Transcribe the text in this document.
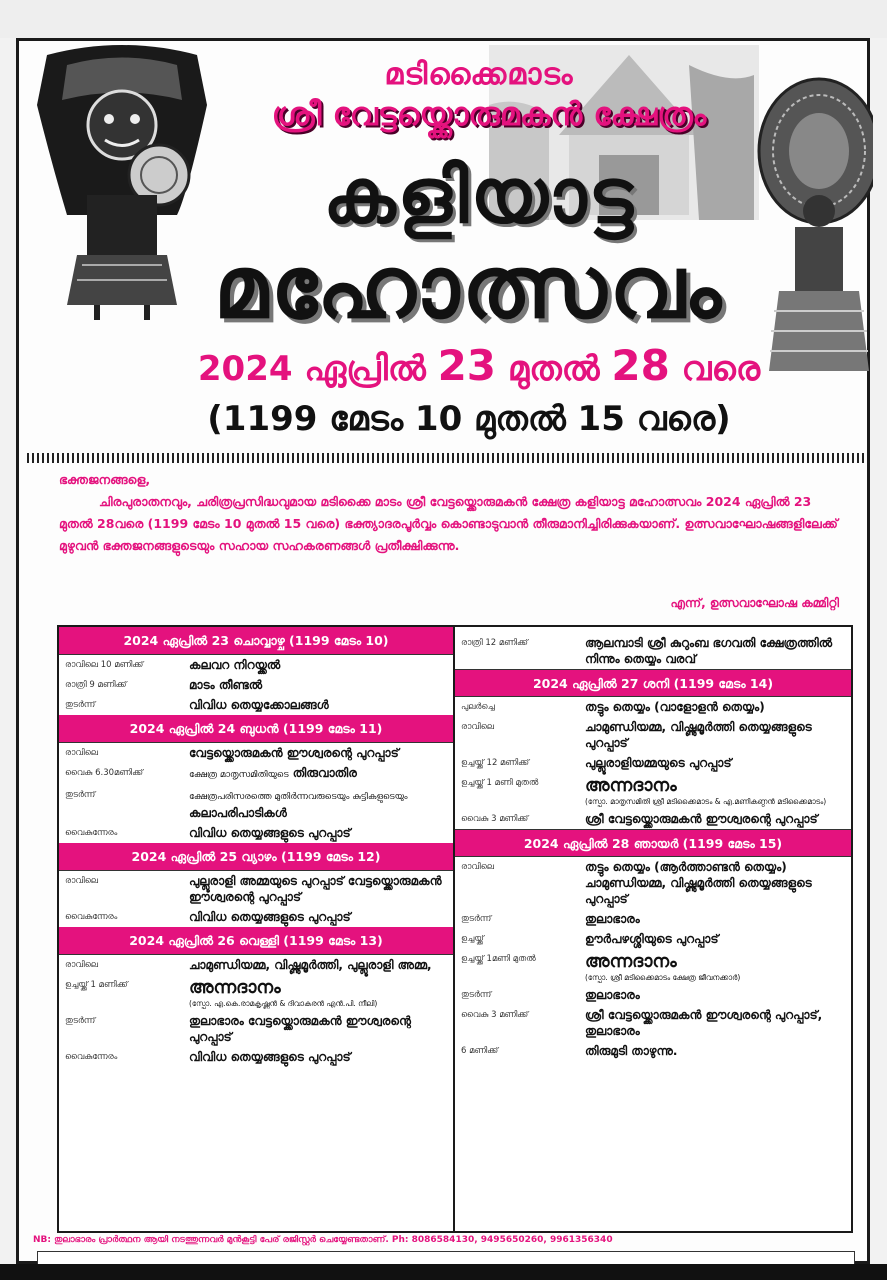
മടിക്കൈമാടം
ശ്രീ വേട്ടയ്ക്കൊരുമകൻ ക്ഷേത്രം
കളിയാട്ട
മഹോത്സവം
2024 ഏപ്രിൽ 23 മുതൽ 28 വരെ
(1199 മേടം 10 മുതൽ 15 വരെ)
ഭക്തജനങ്ങളെ,
ചിരപുരാതനവും, ചരിത്രപ്രസിദ്ധവുമായ മടിക്കൈ മാടം ശ്രീ വേട്ടയ്ക്കൊരുമകൻ ക്ഷേത്ര കളിയാട്ട മഹോത്സവം 2024 ഏപ്രിൽ 23 മുതൽ 28വരെ (1199 മേടം 10 മുതൽ 15 വരെ) ഭക്ത്യാദരപൂർവ്വം കൊണ്ടാടുവാൻ തീരുമാനിച്ചിരിക്കുകയാണ്. ഉത്സവാഘോഷങ്ങളിലേക്ക് മുഴുവൻ ഭക്തജനങ്ങളുടെയും സഹായ സഹകരണങ്ങൾ പ്രതീക്ഷിക്കുന്നു.
എന്ന്, ഉത്സവാഘോഷ കമ്മിറ്റി
2024 ഏപ്രിൽ 23 ചൊവ്വാഴ്ച (1199 മേടം 10)
രാവിലെ 10 മണിക്ക്	കലവറ നിറയ്ക്കൽ
രാത്രി 9 മണിക്ക്	മാടം തീണ്ടൽ
തുടർന്ന്	വിവിധ തെയ്യക്കോലങ്ങൾ
2024 ഏപ്രിൽ 24 ബുധൻ (1199 മേടം 11)
രാവിലെ	വേട്ടയ്ക്കൊരുമകൻ ഈശ്വരന്റെ പുറപ്പാട്
വൈകു 6.30മണിക്ക്	ക്ഷേത്ര മാതൃസമിതിയുടെ തിരുവാതിര
തുടർന്ന്	ക്ഷേത്രപരിസരത്തെ മുതിർന്നവരുടെയും കുട്ടികളുടെയും കലാപരിപാടികൾ
വൈകുന്നേരം	വിവിധ തെയ്യങ്ങളുടെ പുറപ്പാട്
2024 ഏപ്രിൽ 25 വ്യാഴം (1199 മേടം 12)
രാവിലെ	പുല്ലൂരാളി അമ്മയുടെ പുറപ്പാട് വേട്ടയ്ക്കൊരുമകൻ ഈശ്വരന്റെ പുറപ്പാട്
വൈകുന്നേരം	വിവിധ തെയ്യങ്ങളുടെ പുറപ്പാട്
2024 ഏപ്രിൽ 26 വെള്ളി (1199 മേടം 13)
രാവിലെ	ചാമുണ്ഡിയമ്മ, വിഷ്ണുമൂർത്തി, പുല്ലൂരാളി അമ്മ,
ഉച്ചയ്ക്ക് 1 മണിക്ക്	അന്നദാനം
(സ്പോ. എ.കെ.രാമകൃഷ്ണൻ & ദിവാകരൻ എൻ.പി. നീലി)
തുടർന്ന്	തുലാഭാരം വേട്ടയ്ക്കൊരുമകൻ ഈശ്വരന്റെ പുറപ്പാട്
വൈകുന്നേരം	വിവിധ തെയ്യങ്ങളുടെ പുറപ്പാട്
രാത്രി 12 മണിക്ക്	ആലമ്പാടി ശ്രീ കുറുംബ ഭഗവതി ക്ഷേത്രത്തിൽ നിന്നും തെയ്യം വരവ്
2024 ഏപ്രിൽ 27 ശനി (1199 മേടം 14)
പുലർച്ചെ	തട്ടും തെയ്യം (വാളോളൻ തെയ്യം)
രാവിലെ	ചാമുണ്ഡിയമ്മ, വിഷ്ണുമൂർത്തി തെയ്യങ്ങളുടെ പുറപ്പാട്
ഉച്ചയ്ക്ക് 12 മണിക്ക്	പുല്ലൂരാളിയമ്മയുടെ പുറപ്പാട്
ഉച്ചയ്ക്ക് 1 മണി മുതൽ	അന്നദാനം
(സ്പോ. മാതൃസമിതി ശ്രീ മടിക്കൈമാടം & എ.മണികണ്ഠൻ മടിക്കൈമാടം)
വൈകു 3 മണിക്ക്	ശ്രീ വേട്ടയ്ക്കൊരുമകൻ ഈശ്വരന്റെ പുറപ്പാട്
2024 ഏപ്രിൽ 28 ഞായർ (1199 മേടം 15)
രാവിലെ	തട്ടും തെയ്യം (ആർത്താണ്ടൻ തെയ്യം) ചാമുണ്ഡിയമ്മ, വിഷ്ണുമൂർത്തി തെയ്യങ്ങളുടെ പുറപ്പാട്
തുടർന്ന്	തുലാഭാരം
ഉച്ചയ്ക്ക്	ഊർപഴശ്ശിയുടെ പുറപ്പാട്
ഉച്ചയ്ക്ക് 1മണി മുതൽ	അന്നദാനം
(സ്പോ. ശ്രീ മടിക്കൈമാടം ക്ഷേത്ര ജീവനക്കാർ)
തുടർന്ന്	തുലാഭാരം
വൈകു 3 മണിക്ക്	ശ്രീ വേട്ടയ്ക്കൊരുമകൻ ഈശ്വരന്റെ പുറപ്പാട്, തുലാഭാരം
6 മണിക്ക്	തിരുമുടി താഴുന്നു.
NB: തുലാഭാരം പ്രാർത്ഥന ആയി നടത്തുന്നവർ മുൻകൂട്ടി പേര് രജിസ്റ്റർ ചെയ്യേണ്ടതാണ്. Ph: 8086584130, 9495650260, 9961356340
